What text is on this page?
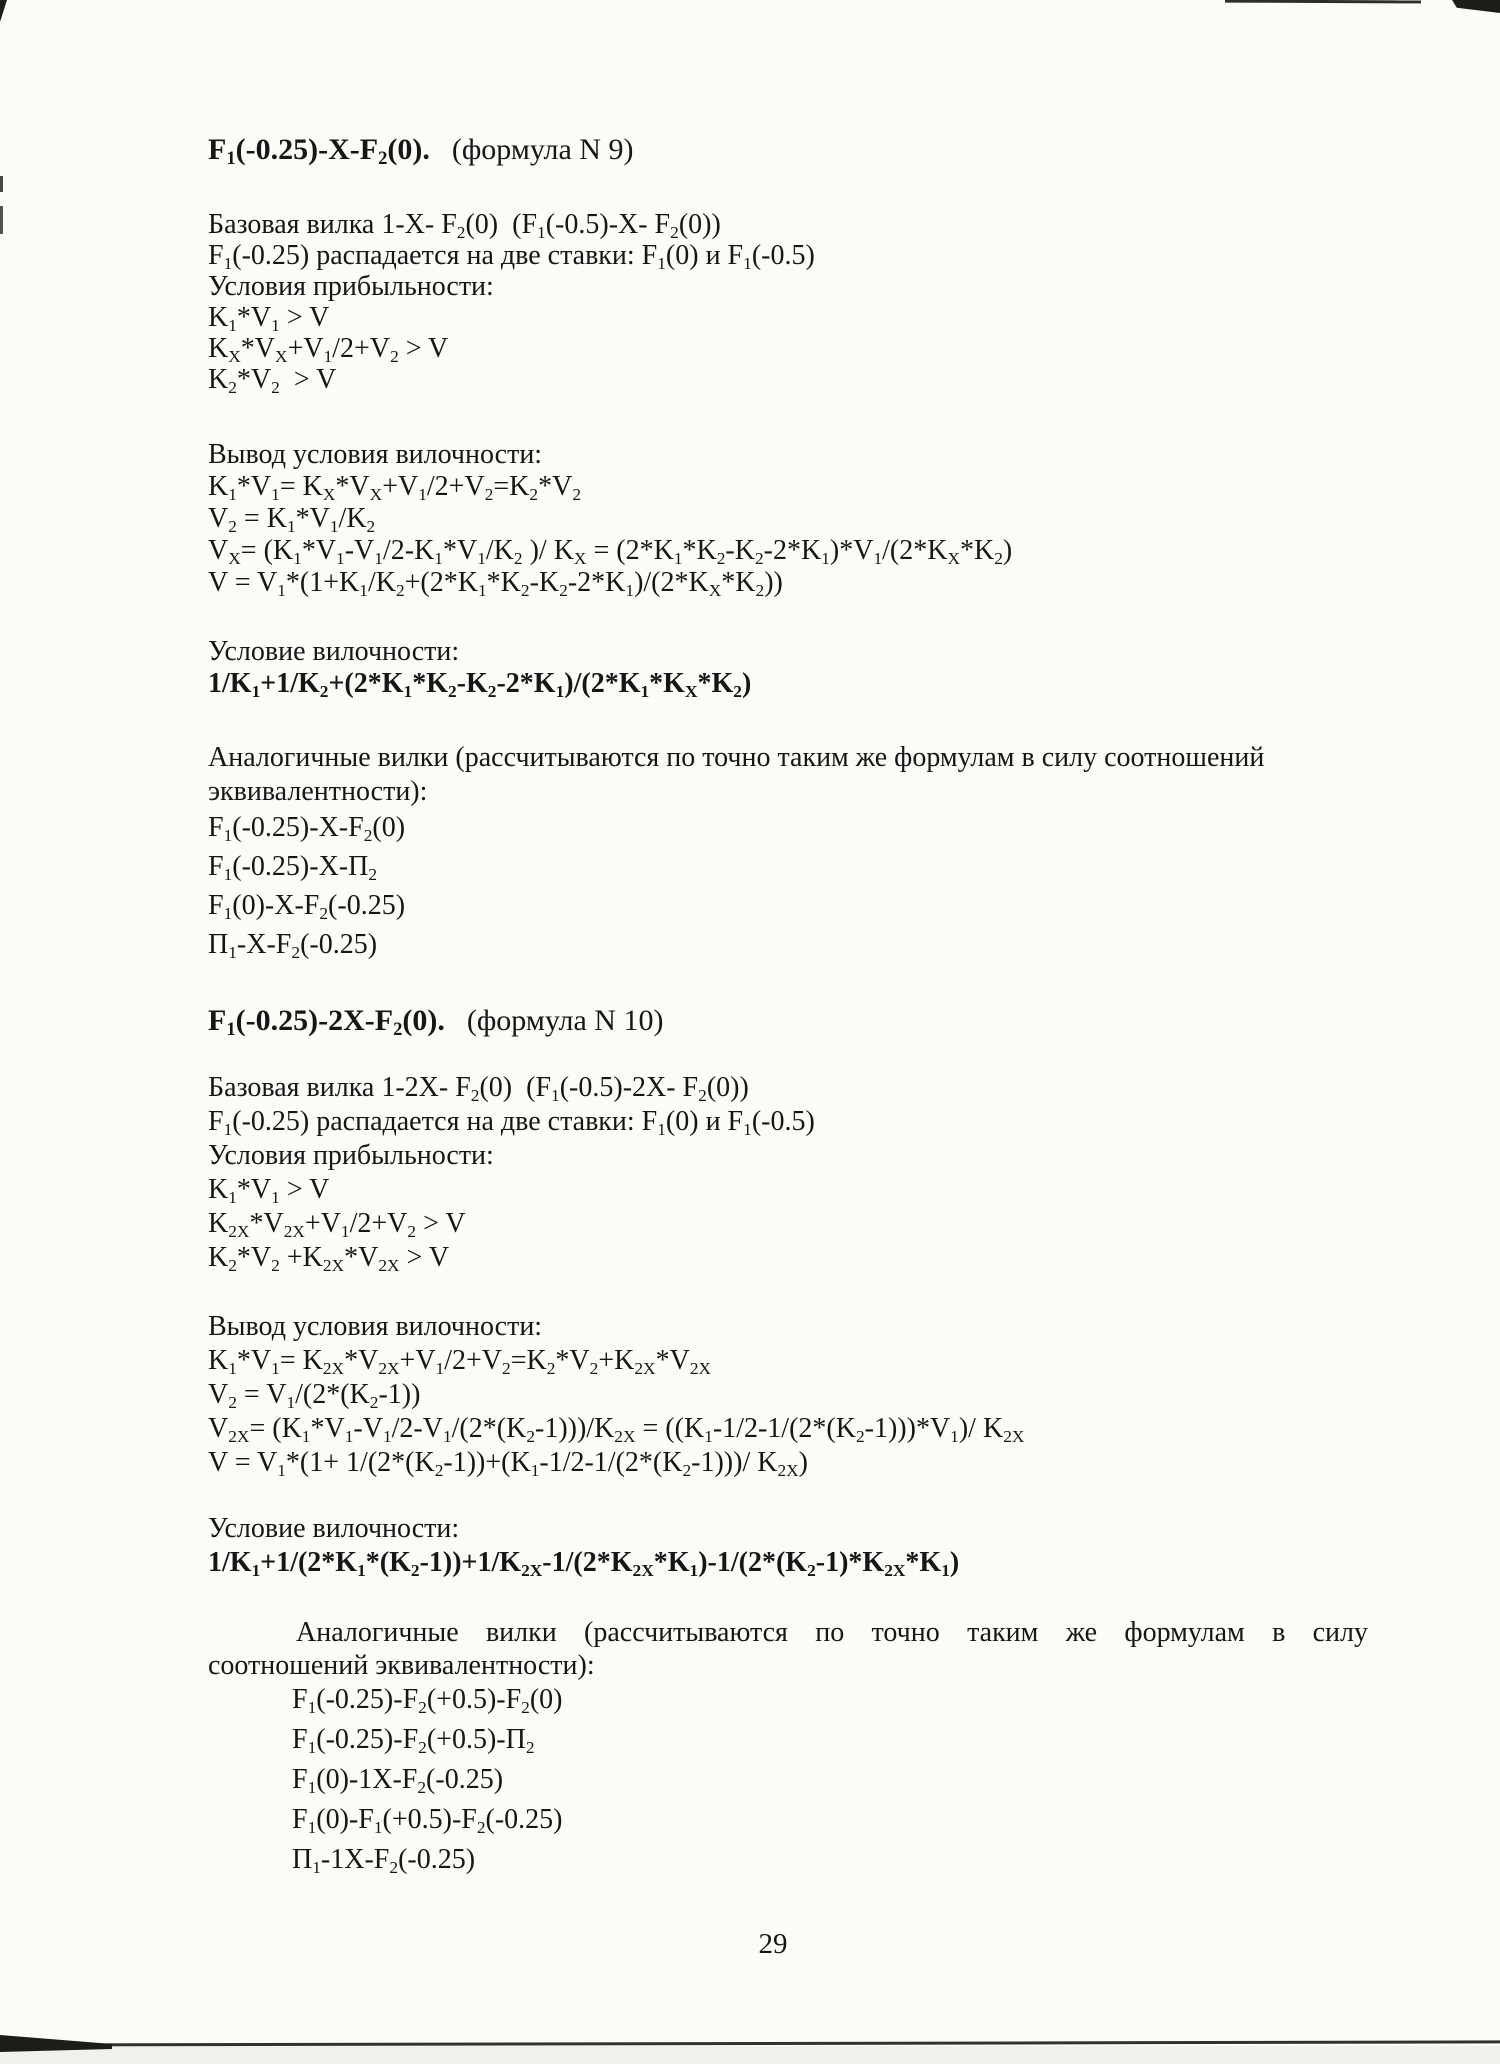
$F_1(-0.25)-X-F_2(0)$. (формула N 9)
Базовая вилка 1-X- $F_2(0)$  ($F_1(-0.5)-X-$ $F_2(0)$)
$F_1(-0.25)$ распадается на две ставки: $F_1(0)$ и $F_1(-0.5)$
Условия прибыльности:
$K_1*V_1 > V$
$K_X*V_X+V_1/2+V_2 > V$
$K_2*V_2 > V$
Вывод условия вилочности:
$K_1*V_1= K_X*V_X+V_1/2+V_2=K_2*V_2$
$V_2 = K_1*V_1/K_2$
$V_X= (K_1*V_1-V_1/2-K_1*V_1/K_2$ )/ $K_X = (2*K_1*K_2-K_2-2*K_1)*V_1/(2*K_X*K_2)$
$V = V_1*(1+K_1/K_2+(2*K_1*K_2-K_2-2*K_1)/(2*K_X*K_2))$
Условие вилочности:
$1/K_1+1/K_2+(2*K_1*K_2-K_2-2*K_1)/(2*K_1*K_X*K_2)$
Аналогичные вилки (рассчитываются по точно таким же формулам в силу соотношений
эквивалентности):
$F_1(-0.25)-X-F_2(0)$
$F_1(-0.25)-X-П_2$
$F_1(0)-X-F_2(-0.25)$
$П_1-X-F_2(-0.25)$
$F_1(-0.25)-2X-F_2(0)$. (формула N 10)
Базовая вилка 1-2X- $F_2(0)$  ($F_1(-0.5)-2X-$ $F_2(0)$)
$F_1(-0.25)$ распадается на две ставки: $F_1(0)$ и $F_1(-0.5)$
Условия прибыльности:
$K_1*V_1 > V$
$K_{2X}*V_{2X}+V_1/2+V_2 > V$
$K_2*V_2 +K_{2X}*V_{2X} > V$
Вывод условия вилочности:
$K_1*V_1= K_{2X}*V_{2X}+V_1/2+V_2=K_2*V_2+K_{2X}*V_{2X}$
$V_2 = V_1/(2*(K_2-1))$
$V_{2X}= (K_1*V_1-V_1/2-V_1/(2*(K_2-1)))/K_{2X} = ((K_1-1/2-1/(2*(K_2-1)))*V_1)/$ $K_{2X}$
$V = V_1*(1+ 1/(2*(K_2-1))+(K_1-1/2-1/(2*(K_2-1)))/$ $K_{2X}$)
Условие вилочности:
$1/K_1+1/(2*K_1*(K_2-1))+1/K_{2X}-1/(2*K_{2X}*K_1)-1/(2*(K_2-1)*K_{2X}*K_1)$
Аналогичные вилки (рассчитываются по точно таким же формулам в силу
соотношений эквивалентности):
$F_1(-0.25)-F_2(+0.5)-F_2(0)$
$F_1(-0.25)-F_2(+0.5)-П_2$
$F_1(0)-1X-F_2(-0.25)$
$F_1(0)-F_1(+0.5)-F_2(-0.25)$
$П_1-1X-F_2(-0.25)$
29
